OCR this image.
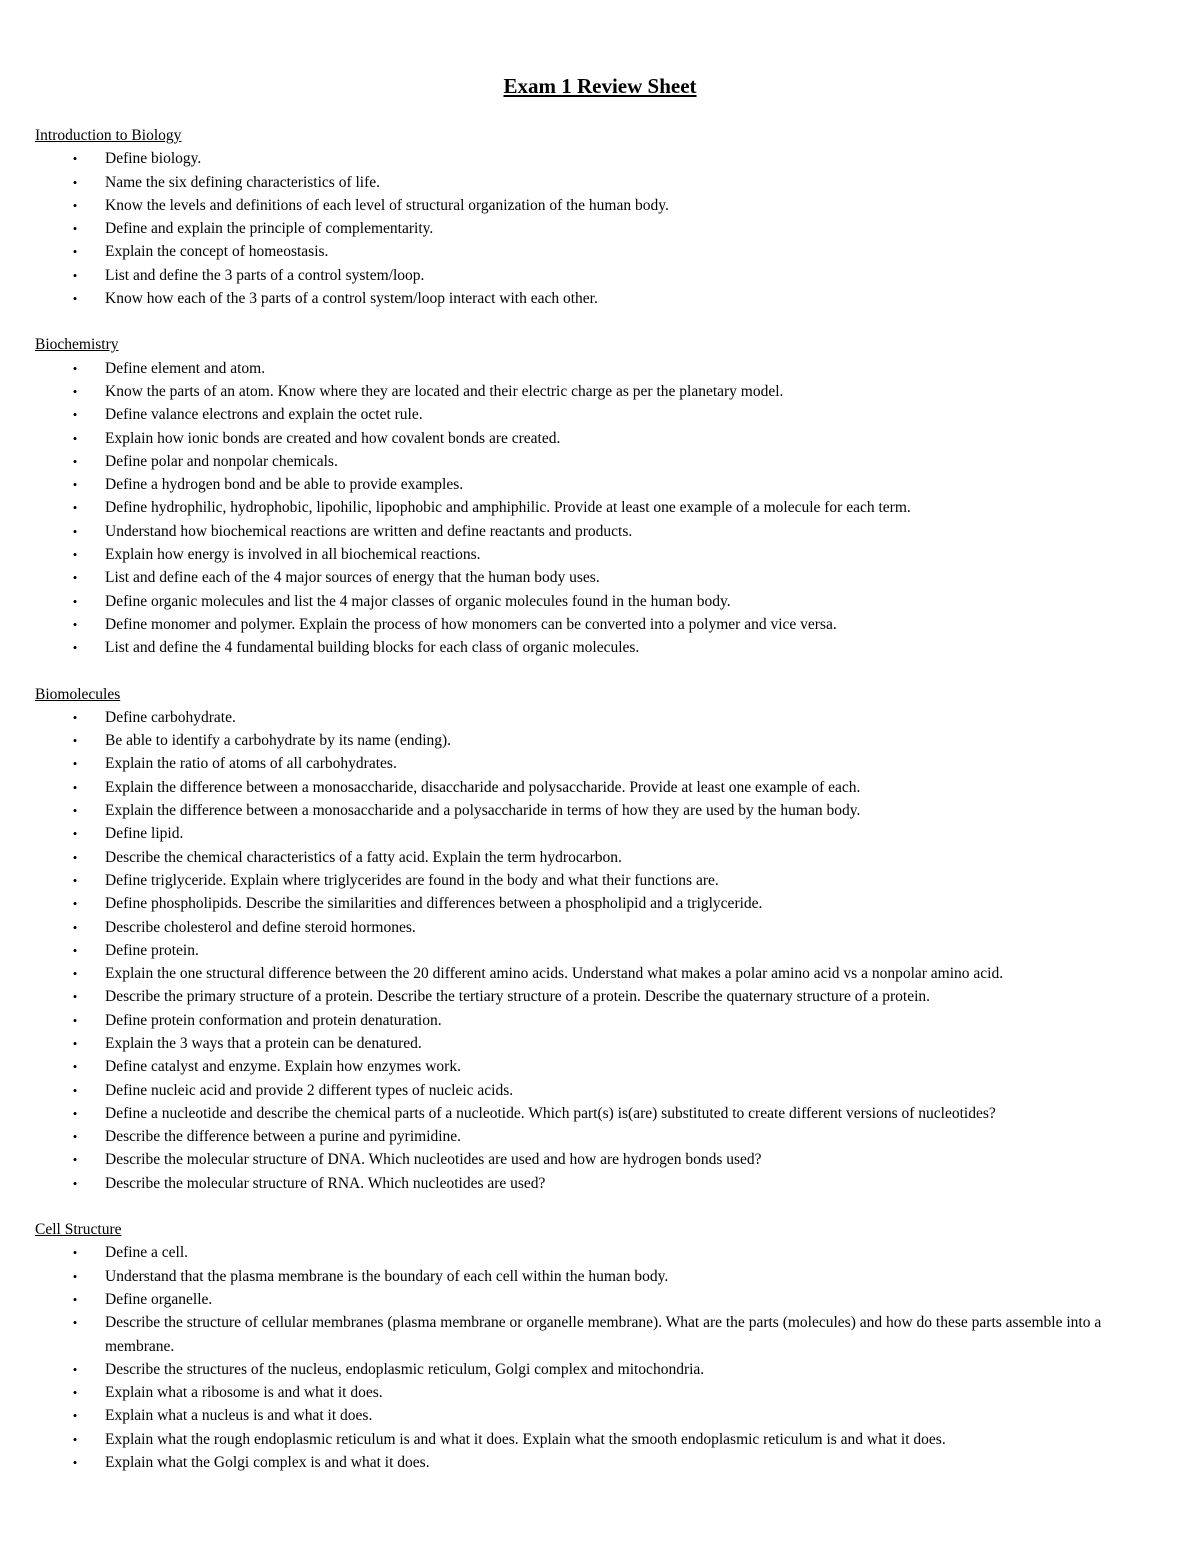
Exam 1 Review Sheet
Introduction to Biology
•	Define biology.
•	Name the six defining characteristics of life.
•	Know the levels and definitions of each level of structural organization of the human body.
•	Define and explain the principle of complementarity.
•	Explain the concept of homeostasis.
•	List and define the 3 parts of a control system/loop.
•	Know how each of the 3 parts of a control system/loop interact with each other.
Biochemistry
•	Define element and atom.
•	Know the parts of an atom. Know where they are located and their electric charge as per the planetary model.
•	Define valance electrons and explain the octet rule.
•	Explain how ionic bonds are created and how covalent bonds are created.
•	Define polar and nonpolar chemicals.
•	Define a hydrogen bond and be able to provide examples.
•	Define hydrophilic, hydrophobic, lipohilic, lipophobic and amphiphilic. Provide at least one example of a molecule for each term.
•	Understand how biochemical reactions are written and define reactants and products.
•	Explain how energy is involved in all biochemical reactions.
•	List and define each of the 4 major sources of energy that the human body uses.
•	Define organic molecules and list the 4 major classes of organic molecules found in the human body.
•	Define monomer and polymer. Explain the process of how monomers can be converted into a polymer and vice versa.
•	List and define the 4 fundamental building blocks for each class of organic molecules.
Biomolecules
•	Define carbohydrate.
•	Be able to identify a carbohydrate by its name (ending).
•	Explain the ratio of atoms of all carbohydrates.
•	Explain the difference between a monosaccharide, disaccharide and polysaccharide. Provide at least one example of each.
•	Explain the difference between a monosaccharide and a polysaccharide in terms of how they are used by the human body.
•	Define lipid.
•	Describe the chemical characteristics of a fatty acid. Explain the term hydrocarbon.
•	Define triglyceride. Explain where triglycerides are found in the body and what their functions are.
•	Define phospholipids. Describe the similarities and differences between a phospholipid and a triglyceride.
•	Describe cholesterol and define steroid hormones.
•	Define protein.
•	Explain the one structural difference between the 20 different amino acids. Understand what makes a polar amino acid vs a nonpolar amino acid.
•	Describe the primary structure of a protein. Describe the tertiary structure of a protein. Describe the quaternary structure of a protein.
•	Define protein conformation and protein denaturation.
•	Explain the 3 ways that a protein can be denatured.
•	Define catalyst and enzyme. Explain how enzymes work.
•	Define nucleic acid and provide 2 different types of nucleic acids.
•	Define a nucleotide and describe the chemical parts of a nucleotide. Which part(s) is(are) substituted to create different versions of nucleotides?
•	Describe the difference between a purine and pyrimidine.
•	Describe the molecular structure of DNA. Which nucleotides are used and how are hydrogen bonds used?
•	Describe the molecular structure of RNA. Which nucleotides are used?
Cell Structure
•	Define a cell.
•	Understand that the plasma membrane is the boundary of each cell within the human body.
•	Define organelle.
•	Describe the structure of cellular membranes (plasma membrane or organelle membrane). What are the parts (molecules) and how do these parts assemble into a membrane.
•	Describe the structures of the nucleus, endoplasmic reticulum, Golgi complex and mitochondria.
•	Explain what a ribosome is and what it does.
•	Explain what a nucleus is and what it does.
•	Explain what the rough endoplasmic reticulum is and what it does. Explain what the smooth endoplasmic reticulum is and what it does.
•	Explain what the Golgi complex is and what it does.
